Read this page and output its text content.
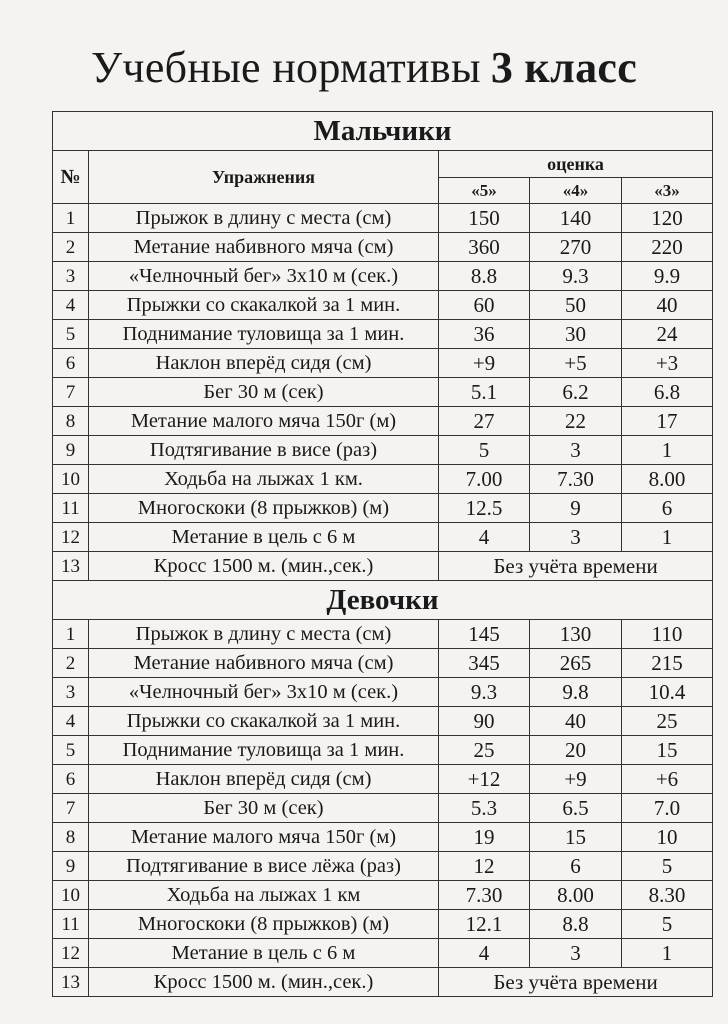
Учебные нормативы 3 класс
Мальчики				
№	Упражнения	оценка		
		«5»	«4»	«3»
1	Прыжок в длину с места (см)	150	140	120
2	Метание набивного мяча (см)	360	270	220
3	«Челночный бег» 3х10 м (сек.)	8.8	9.3	9.9
4	Прыжки со скакалкой за 1 мин.	60	50	40
5	Поднимание туловища за 1 мин.	36	30	24
6	Наклон вперёд сидя (см)	+9	+5	+3
7	Бег 30 м (сек)	5.1	6.2	6.8
8	Метание малого мяча 150г (м)	27	22	17
9	Подтягивание в висе (раз)	5	3	1
10	Ходьба на лыжах 1 км.	7.00	7.30	8.00
11	Многоскоки (8 прыжков) (м)	12.5	9	6
12	Метание в цель с 6 м	4	3	1
13	Кросс 1500 м. (мин.,сек.)	Без учёта времени		
Девочки				
1	Прыжок в длину с места (см)	145	130	110
2	Метание набивного мяча (см)	345	265	215
3	«Челночный бег» 3х10 м (сек.)	9.3	9.8	10.4
4	Прыжки со скакалкой за 1 мин.	90	40	25
5	Поднимание туловища за 1 мин.	25	20	15
6	Наклон вперёд сидя (см)	+12	+9	+6
7	Бег 30 м (сек)	5.3	6.5	7.0
8	Метание малого мяча 150г (м)	19	15	10
9	Подтягивание в висе лёжа (раз)	12	6	5
10	Ходьба на лыжах 1 км	7.30	8.00	8.30
11	Многоскоки (8 прыжков) (м)	12.1	8.8	5
12	Метание в цель с 6 м	4	3	1
13	Кросс 1500 м. (мин.,сек.)	Без учёта времени		
